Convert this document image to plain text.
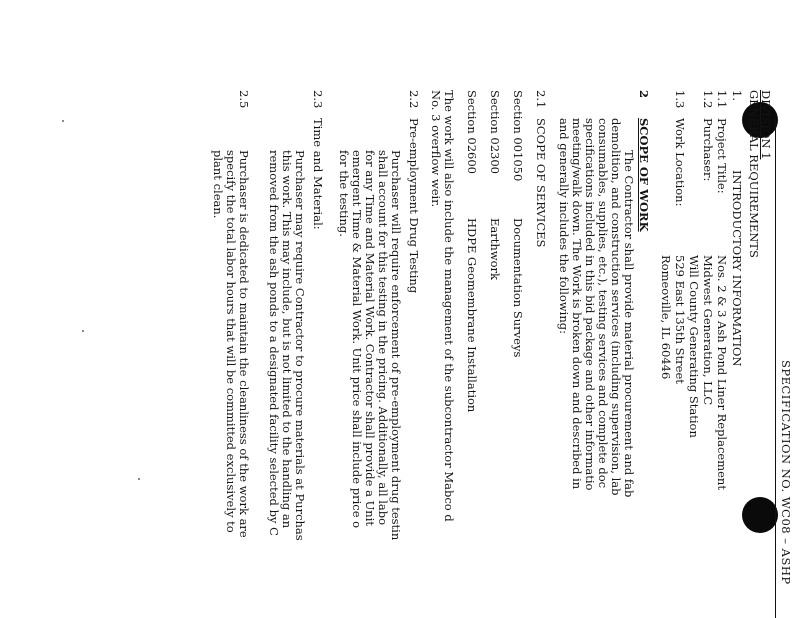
SPECIFICATION NO. WC08 – ASHP
DIVISION 1
GENERAL REQUIREMENTS
1.
INTRODUCTORY INFORMATION
1.1
Project Title:
Nos. 2 & 3 Ash Pond Liner Replacement
1.2
Purchaser:
Midwest Generation, LLC
Will County Generating Station
1.3
Work Location:
529 East 135th Street
Romeoville, IL 60446
2
SCOPE OF WORK
The Contractor shall provide material procurement and fab
demolition, and construction services (including supervision, lab
consumables, supplies, etc.), testing services and complete doc
specifications included in this bid package and other informatio
meeting/walk down. The Work is broken down and described in
and generally includes the following:
2.1
SCOPE OF SERVICES
Section 001050
Documentation Surveys
Section 02300
Earthwork
Section 02600
HDPE Geomembrane Installation
The work will also include the management of the subcontractor Mabco d
No. 3 overflow weir.
2.2
Pre-employment Drug Testing
Purchaser will require enforcement of pre-employment drug testin
shall account for this testing in the pricing. Additionally, all labo
for any Time and Material Work. Contractor shall provide a Unit
emergent Time & Material Work. Unit price shall include price o
for the testing.
2.3
Time and Material:
Purchaser may require Contractor to procure materials at Purchas
this work. This may include, but is not limited to the handling an
removed from the ash ponds to a designated facility selected by C
2.5
Purchaser is dedicated to maintain the cleanliness of the work are
specify the total labor hours that will be committed exclusively to
plant clean.
